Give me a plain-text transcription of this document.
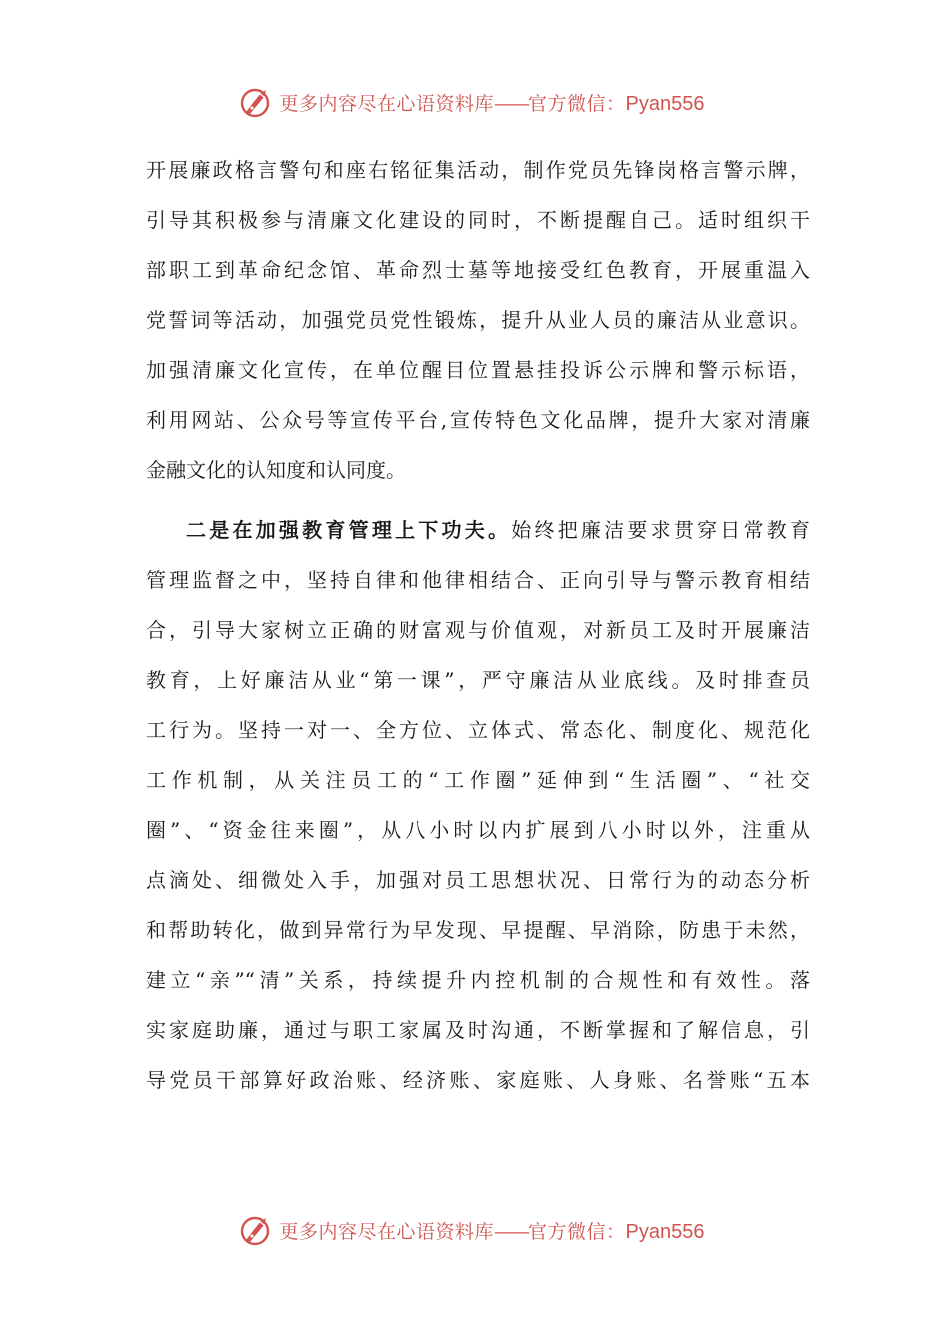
更多内容尽在心语资料库——官方微信：Pyan556
开展廉政格言警句和座右铭征集活动，制作党员先锋岗格言警示牌，
引导其积极参与清廉文化建设的同时，不断提醒自己。适时组织干
部职工到革命纪念馆、革命烈士墓等地接受红色教育，开展重温入
党誓词等活动，加强党员党性锻炼，提升从业人员的廉洁从业意识。
加强清廉文化宣传，在单位醒目位置悬挂投诉公示牌和警示标语，
利用网站、公众号等宣传平台,宣传特色文化品牌，提升大家对清廉
金融文化的认知度和认同度。
二是在加强教育管理上下功夫。始终把廉洁要求贯穿日常教育
管理监督之中，坚持自律和他律相结合、正向引导与警示教育相结
合，引导大家树立正确的财富观与价值观，对新员工及时开展廉洁
教育，上好廉洁从业“第一课”，严守廉洁从业底线。及时排查员
工行为。坚持一对一、全方位、立体式、常态化、制度化、规范化
工作机制，从关注员工的“工作圈”延伸到“生活圈”、“社交
圈”、“资金往来圈”，从八小时以内扩展到八小时以外，注重从
点滴处、细微处入手，加强对员工思想状况、日常行为的动态分析
和帮助转化，做到异常行为早发现、早提醒、早消除，防患于未然，
建立“亲”“清”关系，持续提升内控机制的合规性和有效性。落
实家庭助廉，通过与职工家属及时沟通，不断掌握和了解信息，引
导党员干部算好政治账、经济账、家庭账、人身账、名誉账“五本
更多内容尽在心语资料库——官方微信：Pyan556
